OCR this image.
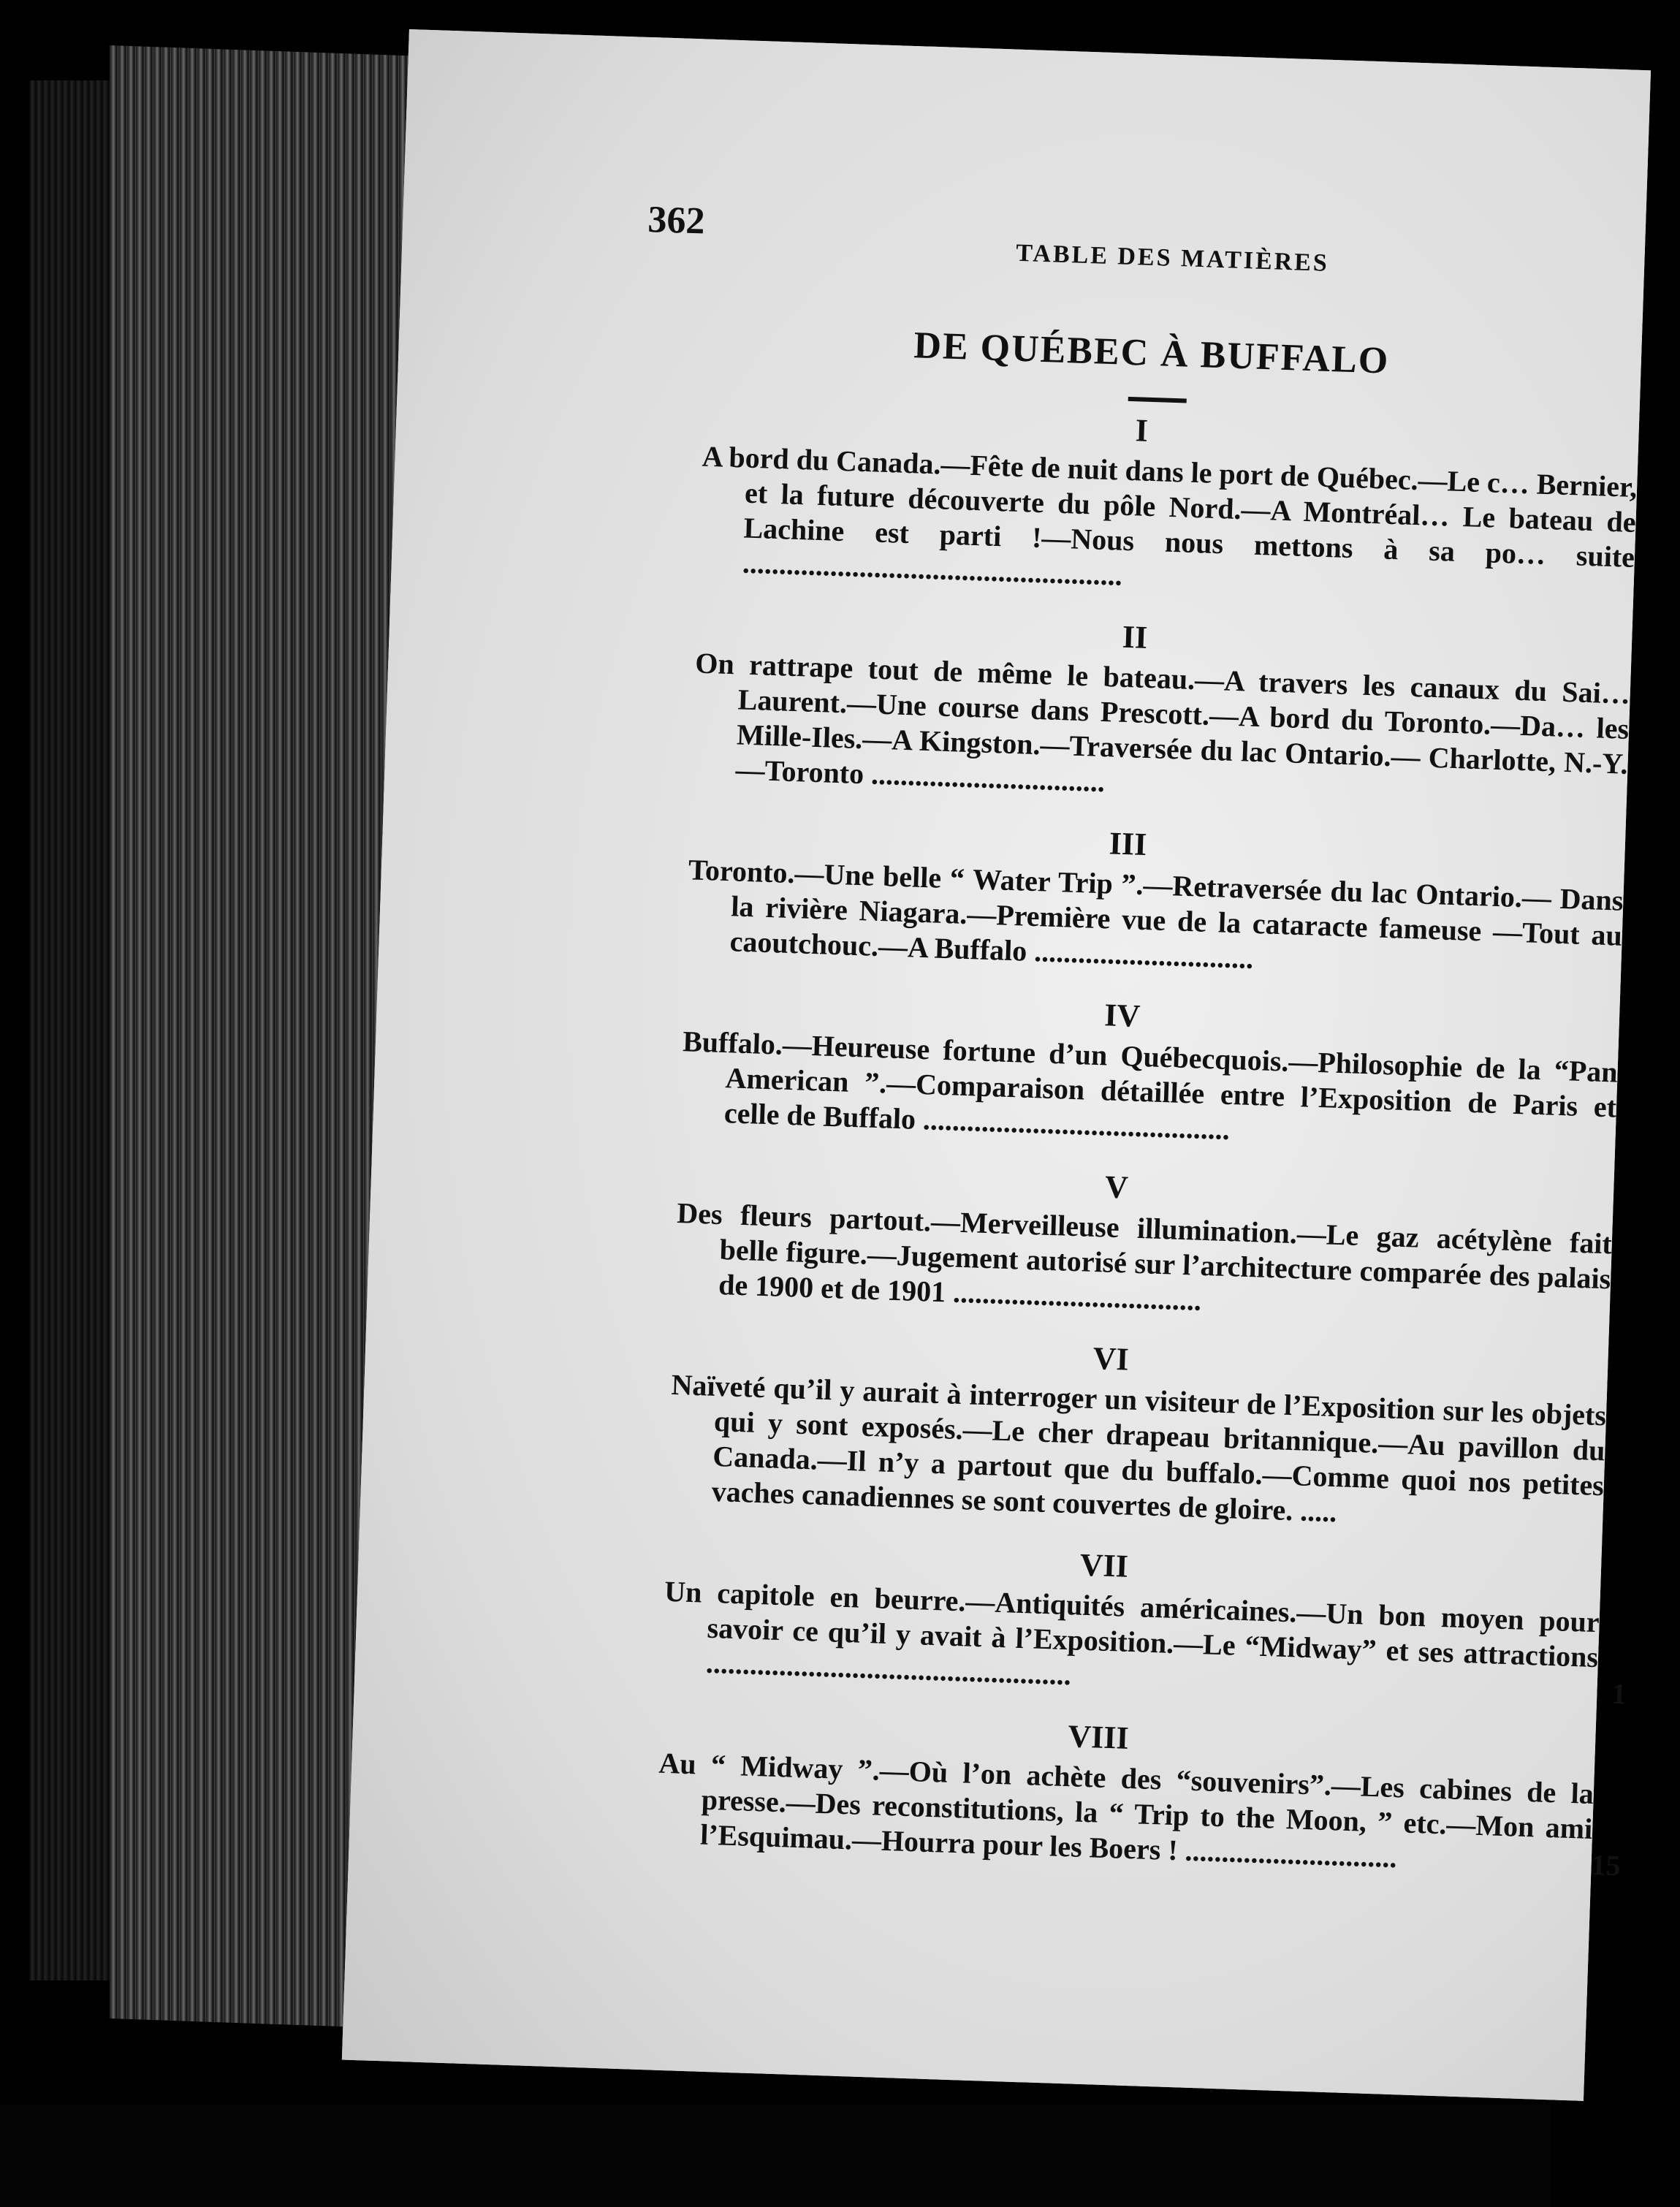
362
TABLE DES MATIÈRES
DE QUÉBEC À BUFFALO
I
A bord du Canada.—Fête de nuit dans le port de Québec.—Le c… Bernier, et la future découverte du pôle Nord.—A Montréal… Le bateau de Lachine est parti !—Nous nous mettons à sa po… suite ....................................................
II
On rattrape tout de même le bateau.—A travers les canaux du Sai… Laurent.—Une course dans Prescott.—A bord du Toronto.—Da… les Mille-Iles.—A Kingston.—Traversée du lac Ontario.— Charlotte, N.-Y.—Toronto ................................
III
Toronto.—Une belle “ Water Trip ”.—Retraversée du lac Ontario.— Dans la rivière Niagara.—Première vue de la cataracte fameuse —Tout au caoutchouc.—A Buffalo ..............................
IV
Buffalo.—Heureuse fortune d’un Québecquois.—Philosophie de la “Pan American ”.—Comparaison détaillée entre l’Exposition de Paris et celle de Buffalo ..........................................
V
Des fleurs partout.—Merveilleuse illumination.—Le gaz acétylène fait belle figure.—Jugement autorisé sur l’architecture comparée des palais de 1900 et de 1901 ..................................
VI
Naïveté qu’il y aurait à interroger un visiteur de l’Exposition sur les objets qui y sont exposés.—Le cher drapeau britannique.—Au pavillon du Canada.—Il n’y a partout que du buffalo.—Comme quoi nos petites vaches canadiennes se sont couvertes de gloire. .....
VII
Un capitole en beurre.—Antiquités américaines.—Un bon moyen pour savoir ce qu’il y avait à l’Exposition.—Le “Midway” et ses attractions ..................................................
1
VIII
Au “ Midway ”.—Où l’on achète des “souvenirs”.—Les cabines de la presse.—Des reconstitutions, la “ Trip to the Moon, ” etc.—Mon ami l’Esquimau.—Hourra pour les Boers ! .............................	15
